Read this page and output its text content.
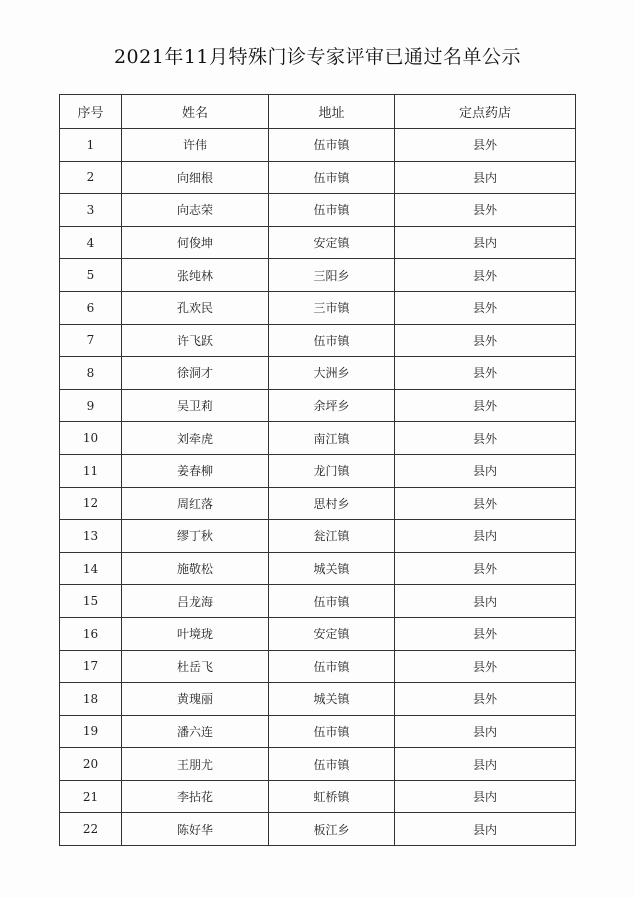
2021年11月特殊门诊专家评审已通过名单公示
序号	姓名	地址	定点药店
1	许伟	伍市镇	县外
2	向细根	伍市镇	县内
3	向志荣	伍市镇	县外
4	何俊坤	安定镇	县内
5	张纯林	三阳乡	县外
6	孔欢民	三市镇	县外
7	许飞跃	伍市镇	县外
8	徐洞才	大洲乡	县外
9	吴卫莉	余坪乡	县外
10	刘牵虎	南江镇	县外
11	姜春柳	龙门镇	县内
12	周红落	思村乡	县外
13	缪丁秋	瓮江镇	县内
14	施敬松	城关镇	县外
15	吕龙海	伍市镇	县内
16	叶境珑	安定镇	县外
17	杜岳飞	伍市镇	县外
18	黄瑰丽	城关镇	县外
19	潘六连	伍市镇	县内
20	王朋尤	伍市镇	县内
21	李拈花	虹桥镇	县内
22	陈好华	板江乡	县内
